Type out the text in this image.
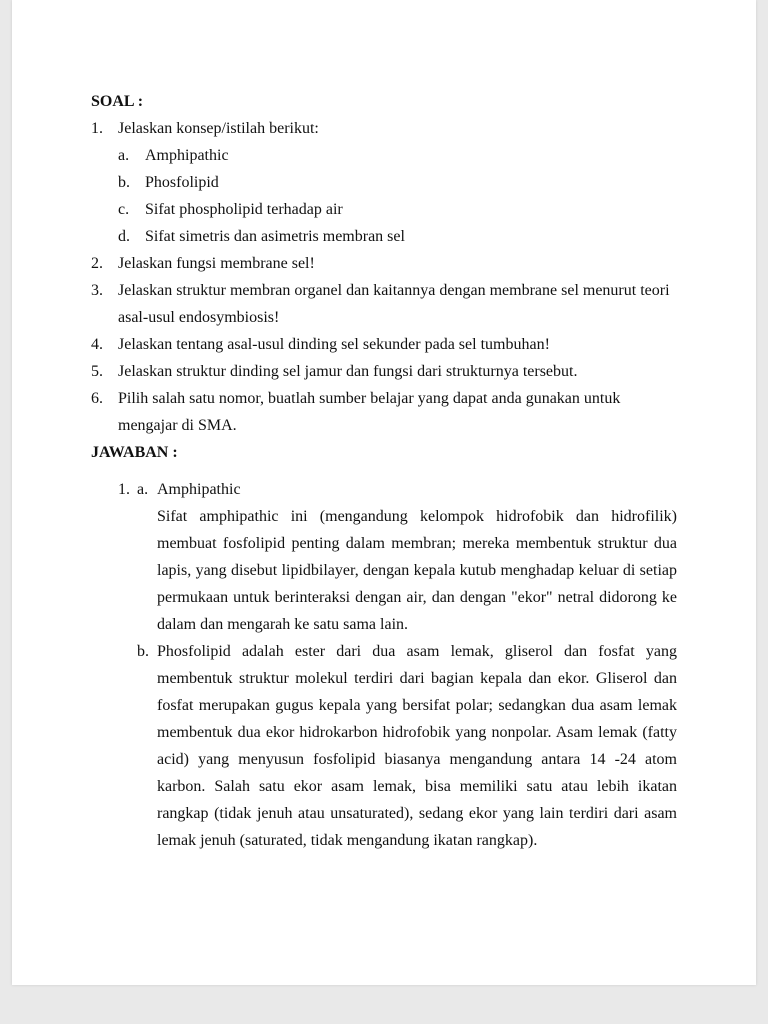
SOAL :
1. Jelaskan konsep/istilah berikut:
a. Amphipathic
b. Phosfolipid
c. Sifat phospholipid terhadap air
d. Sifat simetris dan asimetris membran sel
2. Jelaskan fungsi membrane sel!
3. Jelaskan struktur membran organel dan kaitannya dengan membrane sel menurut teori asal-usul endosymbiosis!
4. Jelaskan tentang asal-usul dinding sel sekunder pada sel tumbuhan!
5. Jelaskan struktur dinding sel jamur dan fungsi dari strukturnya tersebut.
6. Pilih salah satu nomor, buatlah sumber belajar yang dapat anda gunakan untuk mengajar di SMA.
JAWABAN :
1. a. Amphipathic
Sifat amphipathic ini (mengandung kelompok hidrofobik dan hidrofilik) membuat fosfolipid penting dalam membran; mereka membentuk struktur dua lapis, yang disebut lipidbilayer, dengan kepala kutub menghadap keluar di setiap permukaan untuk berinteraksi dengan air, dan dengan "ekor" netral didorong ke dalam dan mengarah ke satu sama lain.
b. Phosfolipid adalah ester dari dua asam lemak, gliserol dan fosfat yang membentuk struktur molekul terdiri dari bagian kepala dan ekor. Gliserol dan fosfat merupakan gugus kepala yang bersifat polar; sedangkan dua asam lemak membentuk dua ekor hidrokarbon hidrofobik yang nonpolar. Asam lemak (fatty acid) yang menyusun fosfolipid biasanya mengandung antara 14 -24 atom karbon. Salah satu ekor asam lemak, bisa memiliki satu atau lebih ikatan rangkap (tidak jenuh atau unsaturated), sedang ekor yang lain terdiri dari asam lemak jenuh (saturated, tidak mengandung ikatan rangkap).
